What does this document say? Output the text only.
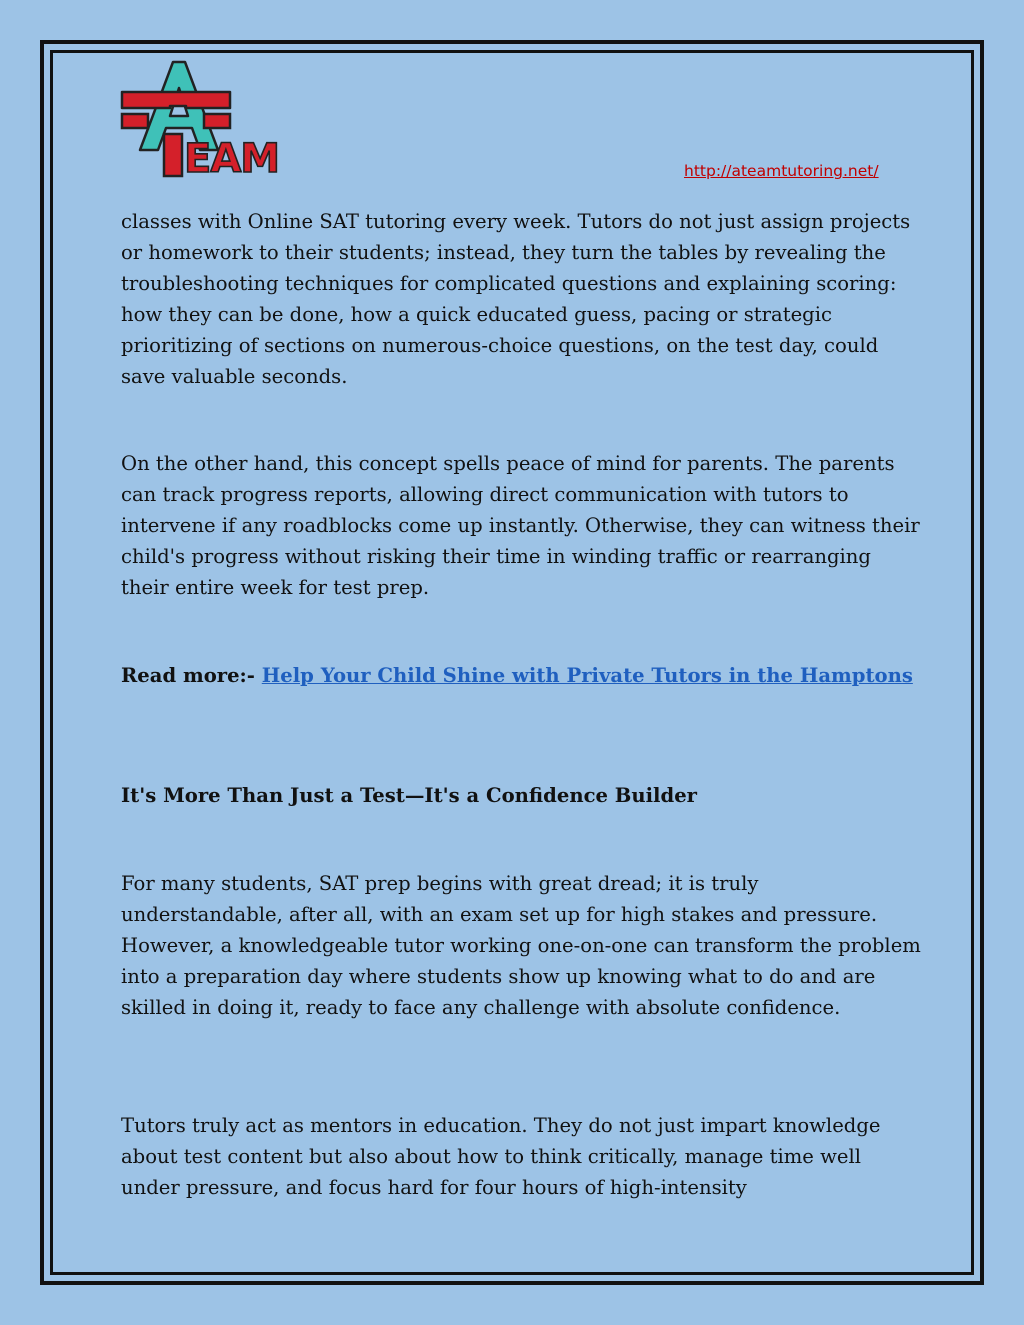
EAM	http://ateamtutoring.net/

classes with Online SAT tutoring every week. Tutors do not just assign projects or homework to their students; instead, they turn the tables by revealing the troubleshooting techniques for complicated questions and explaining scoring: how they can be done, how a quick educated guess, pacing or strategic prioritizing of sections on numerous-choice questions, on the test day, could save valuable seconds.

On the other hand, this concept spells peace of mind for parents. The parents can track progress reports, allowing direct communication with tutors to intervene if any roadblocks come up instantly. Otherwise, they can witness their child's progress without risking their time in winding traffic or rearranging their entire week for test prep.

Read more:- Help Your Child Shine with Private Tutors in the Hamptons

It's More Than Just a Test—It's a Confidence Builder

For many students, SAT prep begins with great dread; it is truly understandable, after all, with an exam set up for high stakes and pressure. However, a knowledgeable tutor working one-on-one can transform the problem into a preparation day where students show up knowing what to do and are skilled in doing it, ready to face any challenge with absolute confidence.

Tutors truly act as mentors in education. They do not just impart knowledge about test content but also about how to think critically, manage time well under pressure, and focus hard for four hours of high-intensity
